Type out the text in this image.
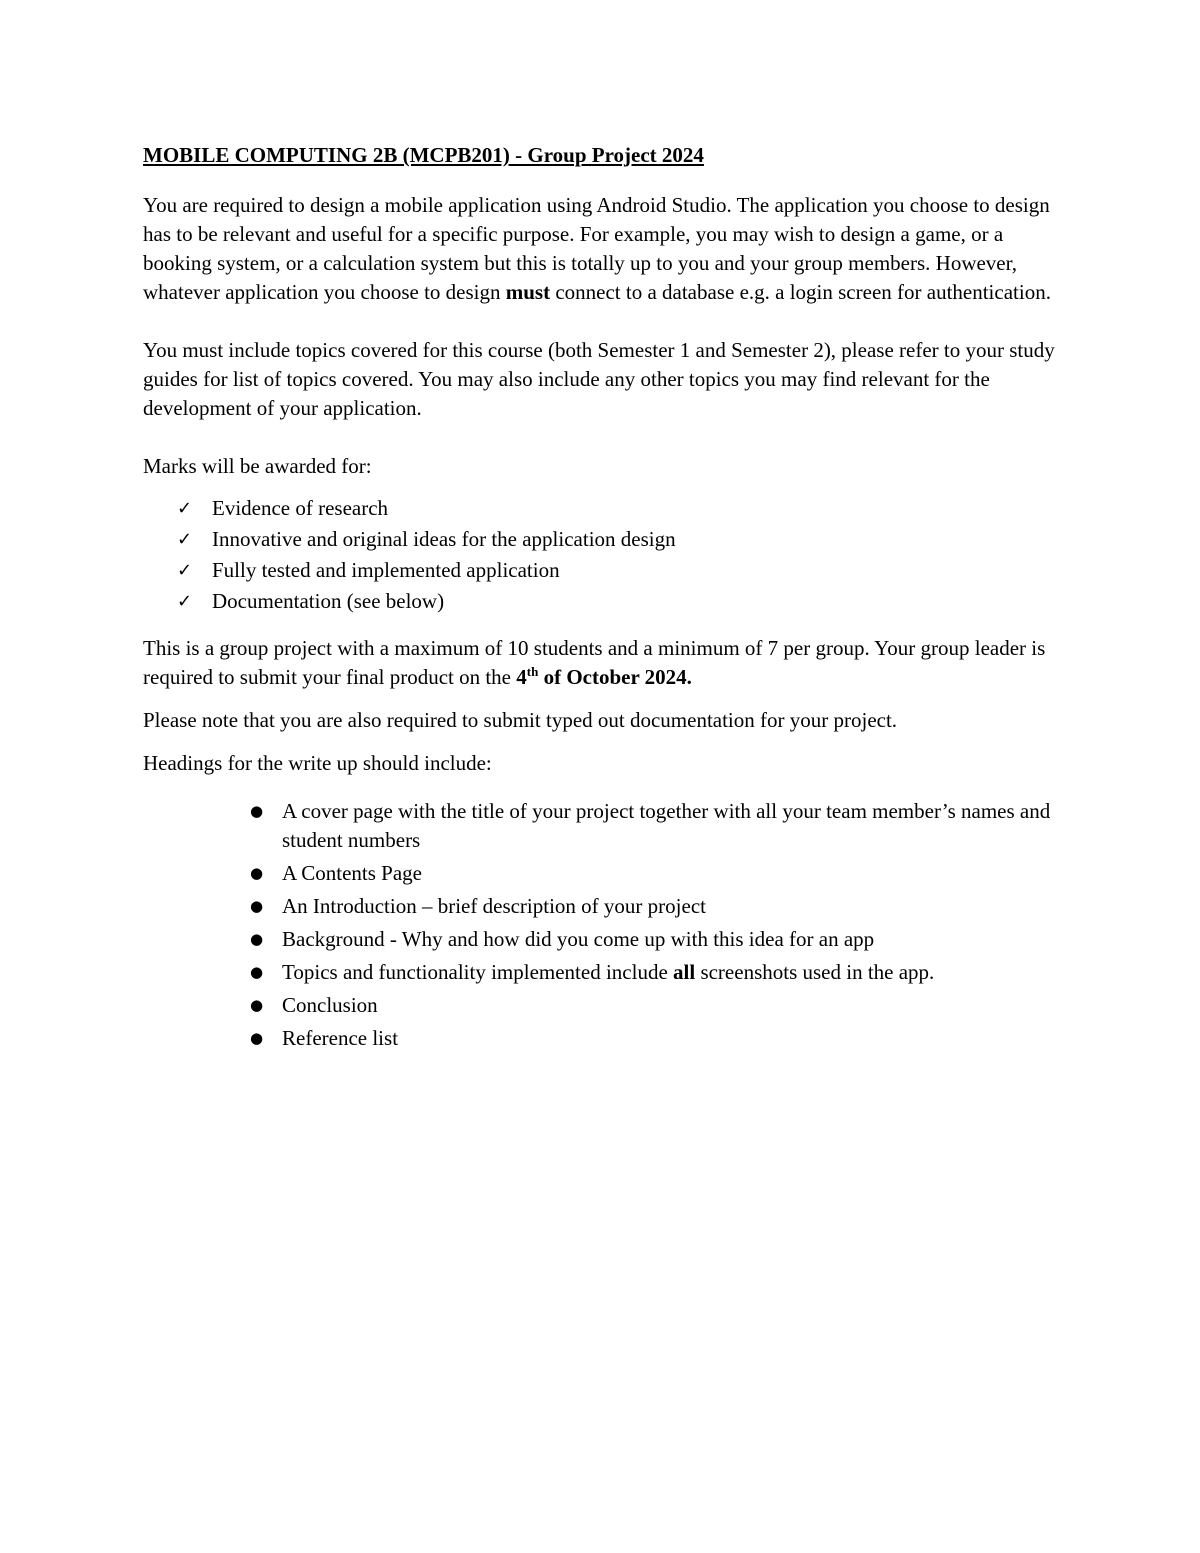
MOBILE COMPUTING 2B (MCPB201) - Group Project 2024

You are required to design a mobile application using Android Studio. The application you choose to design has to be relevant and useful for a specific purpose. For example, you may wish to design a game, or a booking system, or a calculation system but this is totally up to you and your group members. However, whatever application you choose to design must connect to a database e.g. a login screen for authentication.

You must include topics covered for this course (both Semester 1 and Semester 2), please refer to your study guides for list of topics covered. You may also include any other topics you may find relevant for the development of your application.

Marks will be awarded for:

✓ Evidence of research
✓ Innovative and original ideas for the application design
✓ Fully tested and implemented application
✓ Documentation (see below)

This is a group project with a maximum of 10 students and a minimum of 7 per group. Your group leader is required to submit your final product on the 4th of October 2024.

Please note that you are also required to submit typed out documentation for your project.

Headings for the write up should include:

● A cover page with the title of your project together with all your team member’s names and student numbers
● A Contents Page
● An Introduction – brief description of your project
● Background - Why and how did you come up with this idea for an app
● Topics and functionality implemented include all screenshots used in the app.
● Conclusion
● Reference list
